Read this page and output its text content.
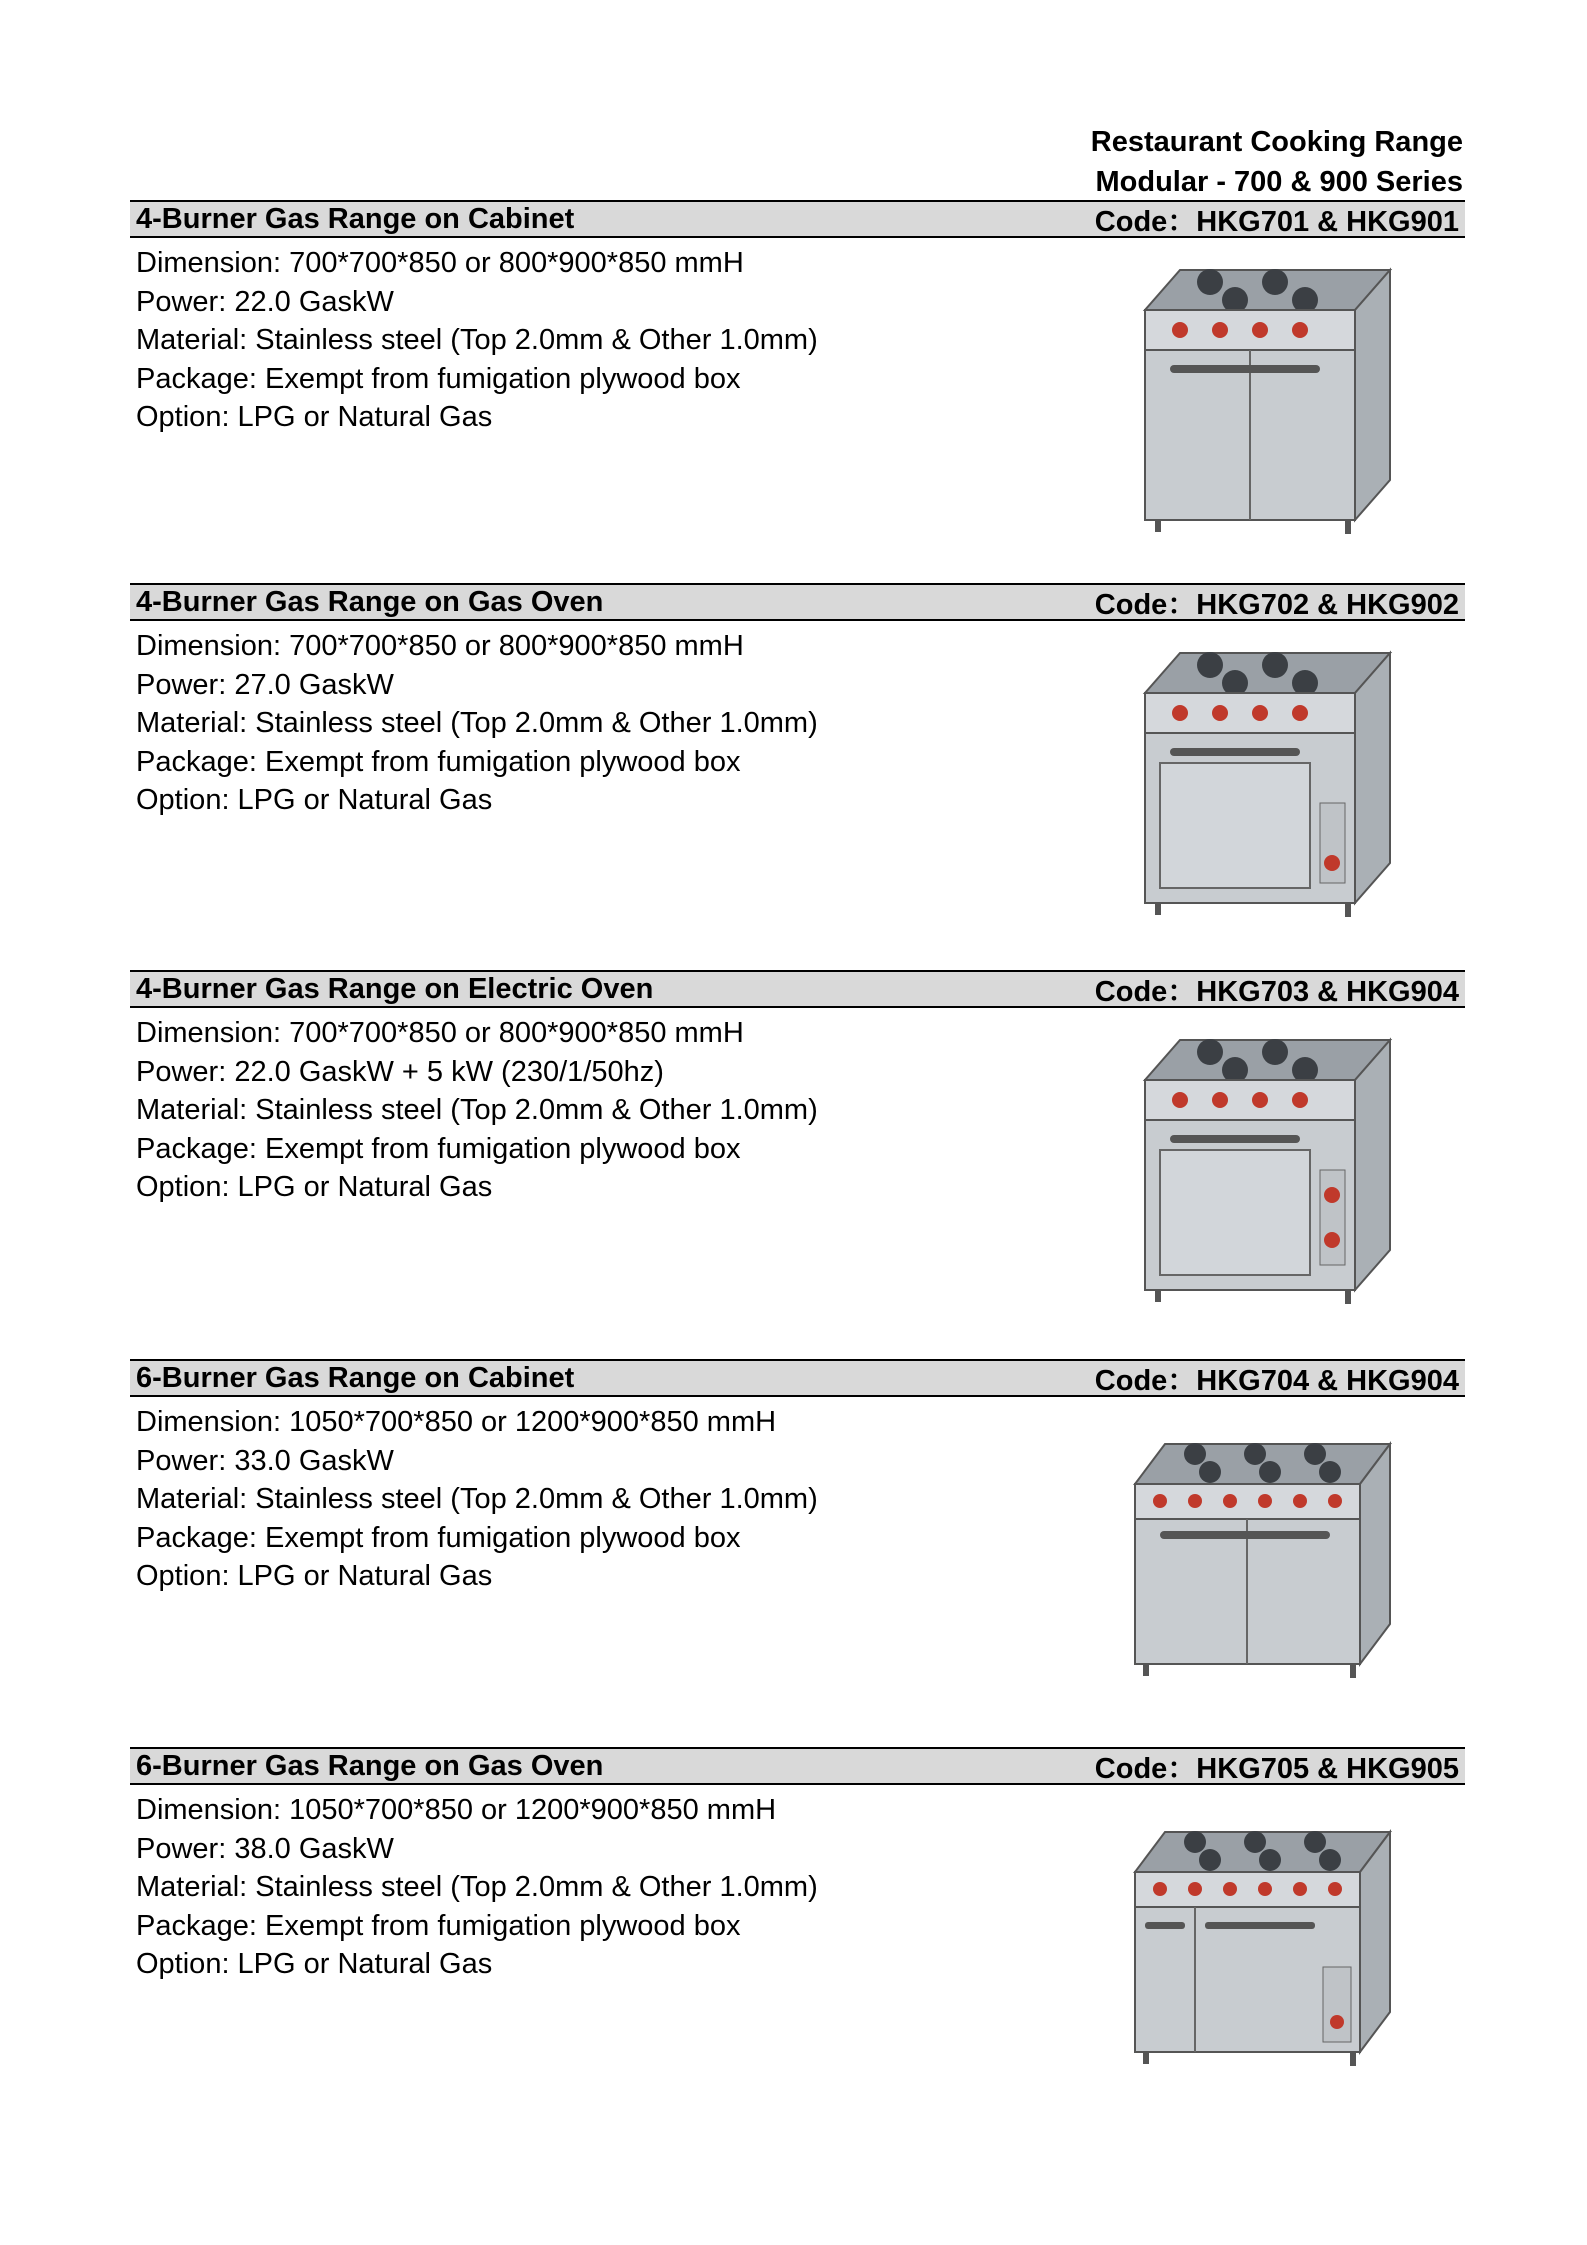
Restaurant Cooking Range
Modular - 700 & 900 Series
4-Burner Gas Range on Cabinet	Code：HKG701 & HKG901
Dimension: 700*700*850 or 800*900*850 mmH
Power: 22.0 GaskW
Material: Stainless steel (Top 2.0mm & Other 1.0mm)
Package: Exempt from fumigation plywood box
Option: LPG or Natural Gas
4-Burner Gas Range on Gas Oven	Code：HKG702 & HKG902
Dimension: 700*700*850 or 800*900*850 mmH
Power: 27.0 GaskW
Material: Stainless steel (Top 2.0mm & Other 1.0mm)
Package: Exempt from fumigation plywood box
Option: LPG or Natural Gas
4-Burner Gas Range on Electric Oven	Code：HKG703 & HKG904
Dimension: 700*700*850 or 800*900*850 mmH
Power: 22.0 GaskW + 5 kW (230/1/50hz)
Material: Stainless steel (Top 2.0mm & Other 1.0mm)
Package: Exempt from fumigation plywood box
Option: LPG or Natural Gas
6-Burner Gas Range on Cabinet	Code：HKG704 & HKG904
Dimension: 1050*700*850 or 1200*900*850 mmH
Power: 33.0 GaskW
Material: Stainless steel (Top 2.0mm & Other 1.0mm)
Package: Exempt from fumigation plywood box
Option: LPG or Natural Gas
6-Burner Gas Range on Gas Oven	Code：HKG705 & HKG905
Dimension: 1050*700*850 or 1200*900*850 mmH
Power: 38.0 GaskW
Material: Stainless steel (Top 2.0mm & Other 1.0mm)
Package: Exempt from fumigation plywood box
Option: LPG or Natural Gas
